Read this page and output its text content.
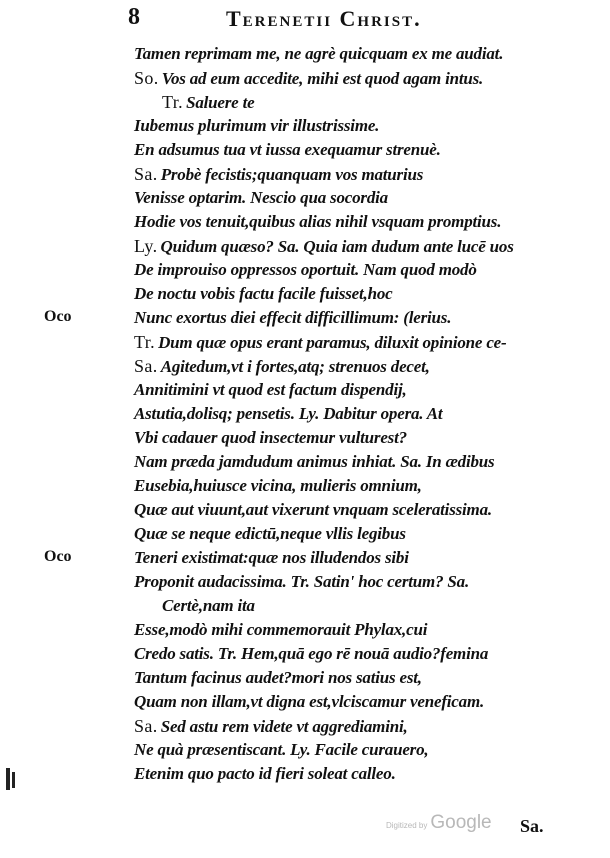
8	Terenetii Christ.
Tamen reprimam me, ne agrè quicquam ex me audiat.
So. Vos ad eum accedite, mihi est quod agam intus.
Tr. Saluere te
Iubemus plurimum vir illustrissime.
En adsumus tua vt iussa exequamur strenuè.
Sa. Probè fecistis;quanquam vos maturius
Venisse optarim. Nescio qua socordia
Hodie vos tenuit,quibus alias nihil vsquam promptius.
Ly. Quidum quæso? Sa. Quia iam dudum ante lucē uos
De improuiso oppressos oportuit. Nam quod modò
De noctu vobis factu facile fuisset,hoc
Nunc exortus diei effecit difficillimum: (lerius.
Tr. Dum quæ opus erant paramus, diluxit opinione ce-
Sa. Agitedum,vt i fortes,atq; strenuos decet,
Annitimini vt quod est factum dispendij,
Astutia,dolisq; pensetis. Ly. Dabitur opera. At
Vbi cadauer quod insectemur vulturest?
Nam præda jamdudum animus inhiat. Sa. In ædibus
Eusebia,huiusce vicina, mulieris omnium,
Quæ aut viuunt,aut vixerunt vnquam sceleratissima.
Quæ se neque edictū,neque vllis legibus
Teneri existimat:quæ nos illudendos sibi
Proponit audacissima. Tr. Satin' hoc certum? Sa.
Certè,nam ita
Esse,modò mihi commemorauit Phylax,cui
Credo satis. Tr. Hem,quā ego rē nouā audio?femina
Tantum facinus audet?mori nos satius est,
Quam non illam,vt digna est,vlciscamur veneficam.
Sa. Sed astu rem videte vt aggrediamini,
Ne quà præsentiscant. Ly. Facile curauero,
Etenim quo pacto id fieri soleat calleo.
Oco
Oco
Digitized by Google Sa.
